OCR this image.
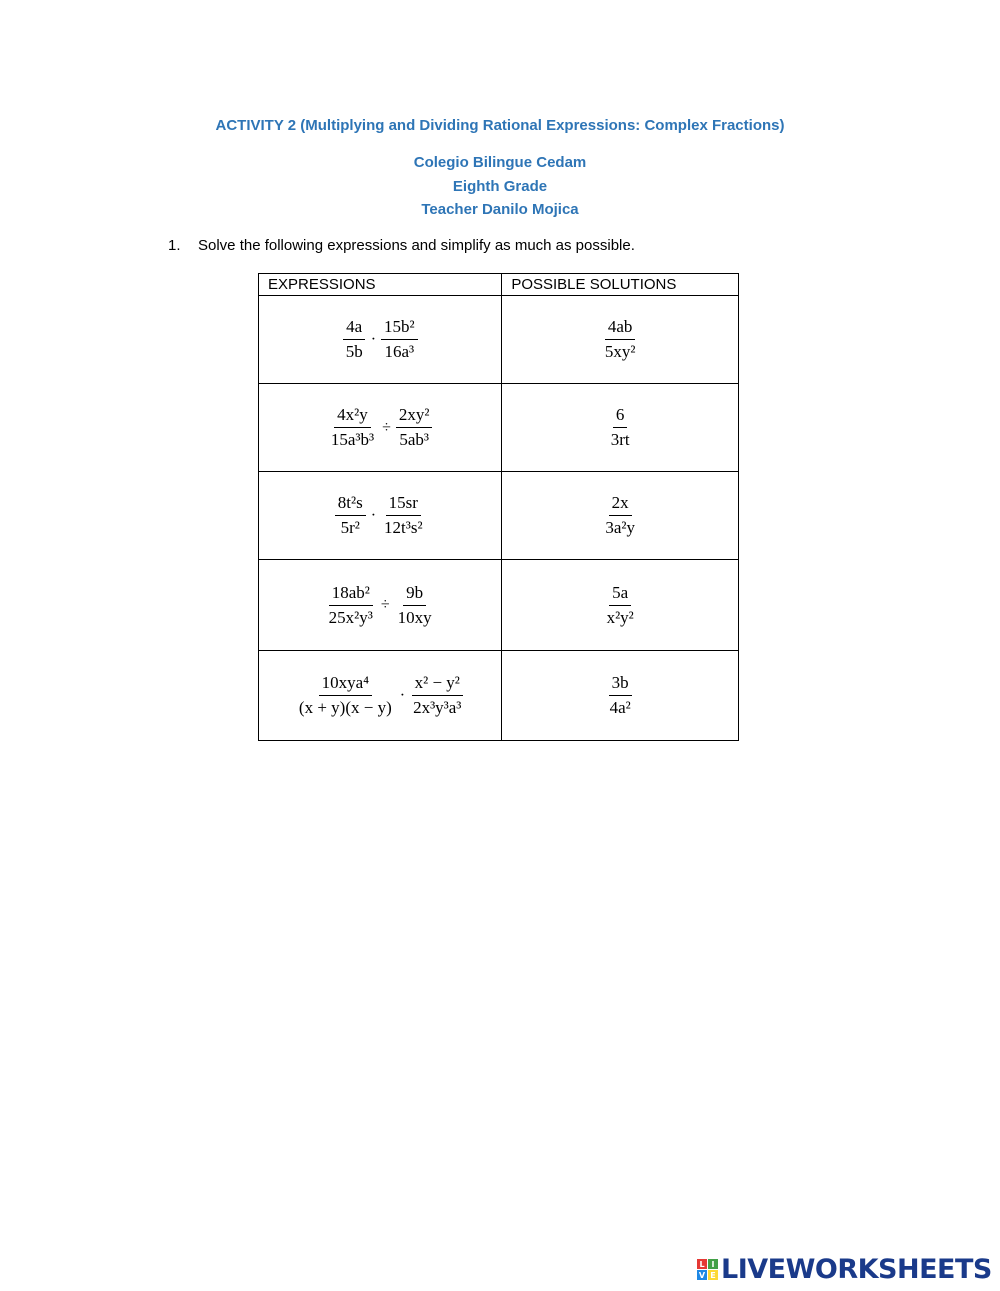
ACTIVITY 2 (Multiplying and Dividing Rational Expressions: Complex Fractions)
Colegio Bilingue Cedam
Eighth Grade
Teacher Danilo Mojica
1. Solve the following expressions and simplify as much as possible.
EXPRESSIONS	POSSIBLE SOLUTIONS

$\frac{4a}{5b} \cdot \frac{\text{15b²}}{\text{16a³}}$	$\frac{4ab}{\text{5xy²}}$

$\frac{\text{4x²y}}{\text{15a³b³}} \div \frac{\text{2xy²}}{\text{5ab³}}$	$\frac{6}{3rt}$

$\frac{\text{8t²s}}{\text{5r²}} \cdot \frac{15sr}{\text{12t³s²}}$	$\frac{2x}{\text{3a²y}}$

$\frac{\text{18ab²}}{\text{25x²y³}} \div \frac{9b}{10xy}$	$\frac{5a}{\text{x²y²}}$

$\frac{\text{10xya⁴}}{(x + y)(x - y)} \cdot \frac{\text{x² − y²}}{\text{2x³y³a³}}$	$\frac{3b}{\text{4a²}}$
L I
V E LIVEWORKSHEETS
